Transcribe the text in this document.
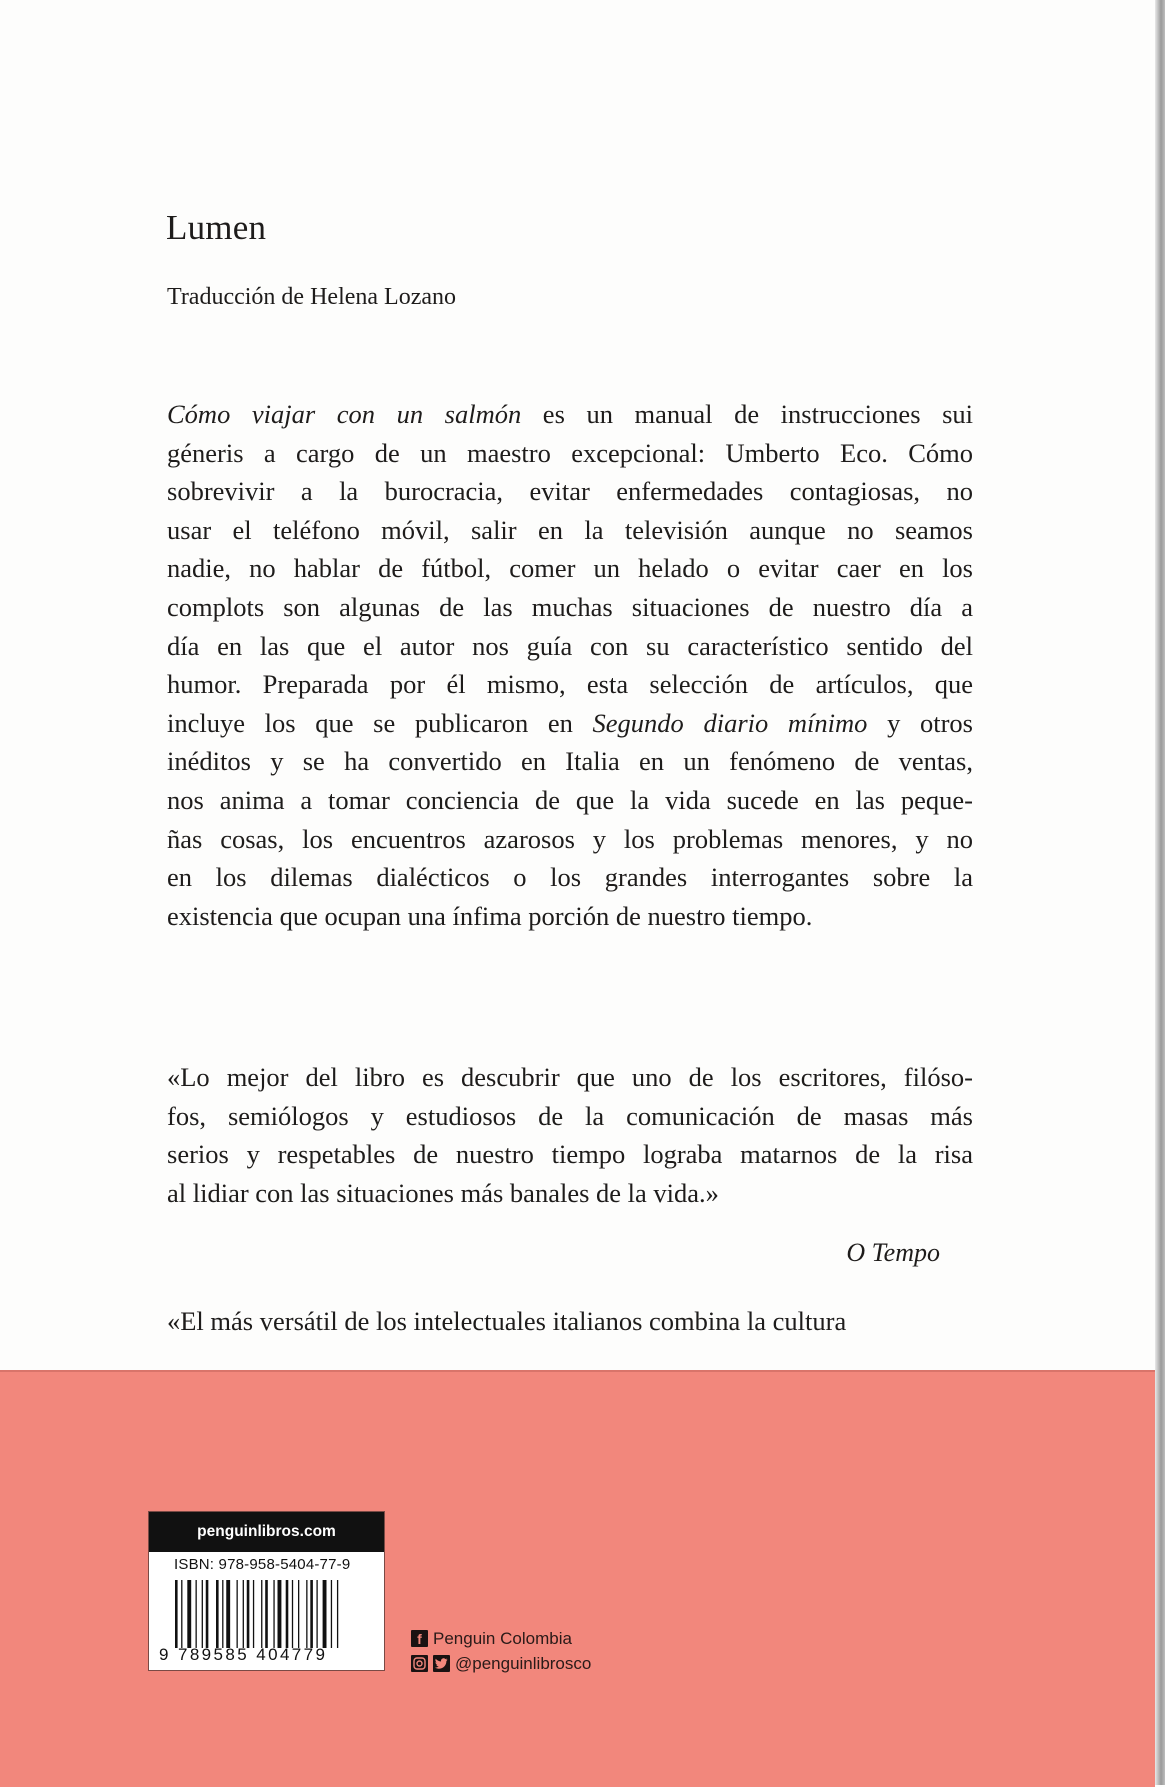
Lumen
Traducción de Helena Lozano
Cómo viajar con un salmón es un manual de instrucciones sui
géneris a cargo de un maestro excepcional: Umberto Eco. Cómo
sobrevivir a la burocracia, evitar enfermedades contagiosas, no
usar el teléfono móvil, salir en la televisión aunque no seamos
nadie, no hablar de fútbol, comer un helado o evitar caer en los
complots son algunas de las muchas situaciones de nuestro día a
día en las que el autor nos guía con su característico sentido del
humor. Preparada por él mismo, esta selección de artículos, que
incluye los que se publicaron en Segundo diario mínimo y otros
inéditos y se ha convertido en Italia en un fenómeno de ventas,
nos anima a tomar conciencia de que la vida sucede en las peque-
ñas cosas, los encuentros azarosos y los problemas menores, y no
en los dilemas dialécticos o los grandes interrogantes sobre la
existencia que ocupan una ínfima porción de nuestro tiempo.
«Lo mejor del libro es descubrir que uno de los escritores, filóso-
fos, semiólogos y estudiosos de la comunicación de masas más
serios y respetables de nuestro tiempo lograba matarnos de la risa
al lidiar con las situaciones más banales de la vida.»
O Tempo
«El más versátil de los intelectuales italianos combina la cultura
penguinlibros.com
ISBN: 978-958-5404-77-9
9 789585 404779
f Penguin Colombia
@penguinlibrosco
